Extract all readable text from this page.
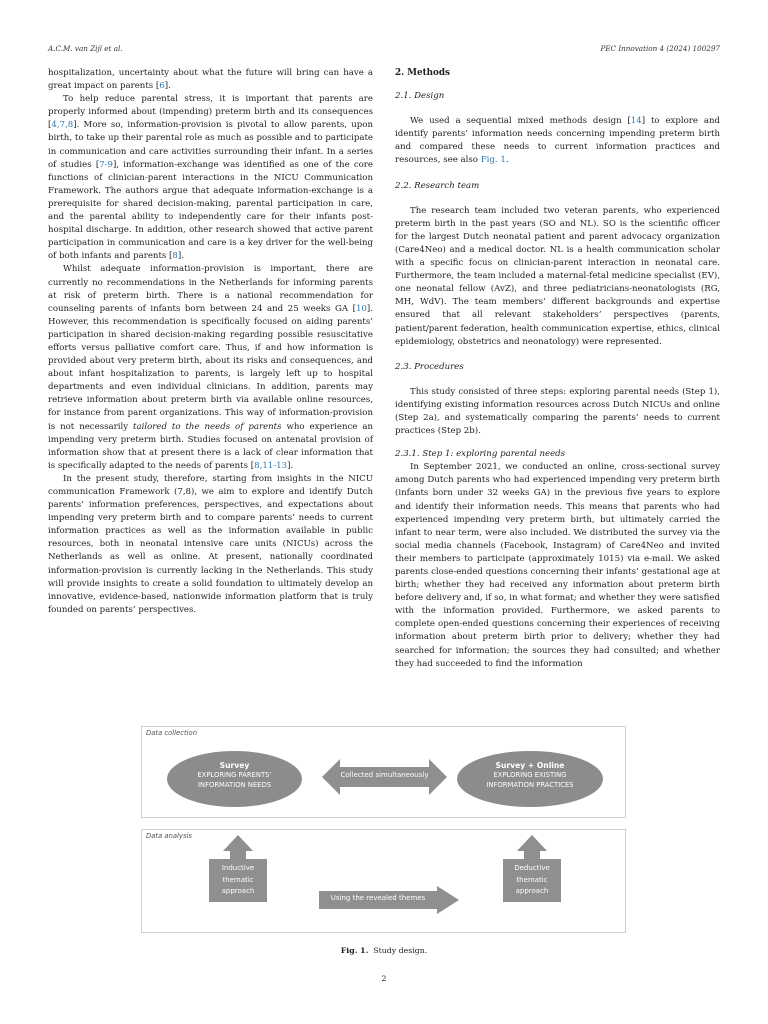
A.C.M. van Zijl et al.	PEC Innovation 4 (2024) 100297

hospitalization, uncertainty about what the future will bring can have a great impact on parents [6].

To help reduce parental stress, it is important that parents are properly informed about (impending) preterm birth and its consequences [4,7,8]. More so, information-provision is pivotal to allow parents, upon birth, to take up their parental role as much as possible and to participate in communication and care activities surrounding their infant. In a series of studies [7-9], information-exchange was identified as one of the core functions of clinician-parent interactions in the NICU Communication Framework. The authors argue that adequate information-exchange is a prerequisite for shared decision-making, parental participation in care, and the parental ability to independently care for their infants post-hospital discharge. In addition, other research showed that active parent participation in communication and care is a key driver for the well-being of both infants and parents [8].

Whilst adequate information-provision is important, there are currently no recommendations in the Netherlands for informing parents at risk of preterm birth. There is a national recommendation for counseling parents of infants born between 24 and 25 weeks GA [10]. However, this recommendation is specifically focused on aiding parents’ participation in shared decision-making regarding possible resuscitative efforts versus palliative comfort care. Thus, if and how information is provided about very preterm birth, about its risks and consequences, and about infant hospitalization to parents, is largely left up to hospital departments and even individual clinicians. In addition, parents may retrieve information about preterm birth via available online resources, for instance from parent organizations. This way of information-provision is not necessarily tailored to the needs of parents who experience an impending very preterm birth. Studies focused on antenatal provision of information show that at present there is a lack of clear information that is specifically adapted to the needs of parents [8,11-13].

In the present study, therefore, starting from insights in the NICU communication Framework (7,8), we aim to explore and identify Dutch parents’ information preferences, perspectives, and expectations about impending very preterm birth and to compare parents’ needs to current information practices as well as the information available in public resources, both in neonatal intensive care units (NICUs) across the Netherlands as well as online. At present, nationally coordinated information-provision is currently lacking in the Netherlands. This study will provide insights to create a solid foundation to ultimately develop an innovative, evidence-based, nationwide information platform that is truly founded on parents’ perspectives.

2. Methods
2.1. Design

We used a sequential mixed methods design [14] to explore and identify parents’ information needs concerning impending preterm birth and compared these needs to current information practices and resources, see also Fig. 1.

2.2. Research team

The research team included two veteran parents, who experienced preterm birth in the past years (SO and NL). SO is the scientific officer for the largest Dutch neonatal patient and parent advocacy organization (Care4Neo) and a medical doctor. NL is a health communication scholar with a specific focus on clinician-parent interaction in neonatal care. Furthermore, the team included a maternal-fetal medicine specialist (EV), one neonatal fellow (AvZ), and three pediatricians-neonatologists (RG, MH, WdV). The team members’ different backgrounds and expertise ensured that all relevant stakeholders’ perspectives (parents, patient/parent federation, health communication expertise, ethics, clinical epidemiology, obstetrics and neonatology) were represented.

2.3. Procedures

This study consisted of three steps: exploring parental needs (Step 1), identifying existing information resources across Dutch NICUs and online (Step 2a), and systematically comparing the parents’ needs to current practices (Step 2b).

2.3.1. Step 1: exploring parental needs

In September 2021, we conducted an online, cross-sectional survey among Dutch parents who had experienced impending very preterm birth (infants born under 32 weeks GA) in the previous five years to explore and identify their information needs. This means that parents who had experienced impending very preterm birth, but ultimately carried the infant to near term, were also included. We distributed the survey via the social media channels (Facebook, Instagram) of Care4Neo and invited their members to participate (approximately 1015) via e-mail. We asked parents close-ended questions concerning their infants’ gestational age at birth; whether they had received any information about preterm birth before delivery and, if so, in what format; and whether they were satisfied with the information provided. Furthermore, we asked parents to complete open-ended questions concerning their experiences of receiving information about preterm birth prior to delivery; whether they had searched for information; the sources they had consulted; and whether they had succeeded to find the information

Data collection
Survey
EXPLORING PARENTS’
INFORMATION NEEDS
Collected simultaneously
Survey + Online
EXPLORING EXISTING
INFORMATION PRACTICES
Data analysis
Inductive
thematic
approach
Using the revealed themes
Deductive
thematic
approach
Fig. 1. Study design.
2
